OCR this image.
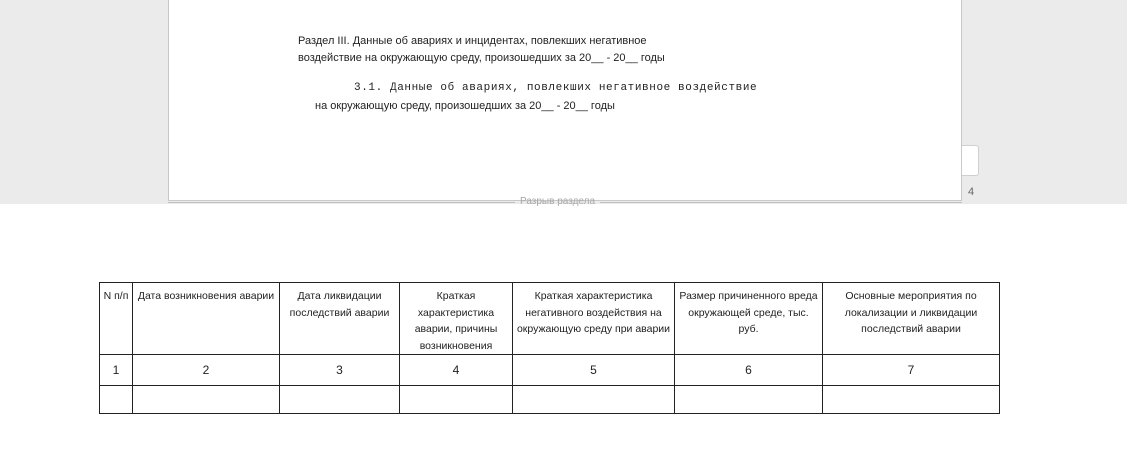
4
Раздел III. Данные об авариях и инцидентах, повлекших негативное
воздействие на окружающую среду, произошедших за 20__ - 20__ годы
3.1. Данные об авариях, повлекших негативное воздействие
на окружающую среду, произошедших за 20__ - 20__ годы
Разрыв раздела
N п/п	Дата возникновения аварии	Дата ликвидации последствий аварии	Краткая характеристика аварии, причины возникновения	Краткая характеристика негативного воздействия на окружающую среду при аварии	Размер причиненного вреда окружающей среде, тыс. руб.	Основные мероприятия по локализации и ликвидации последствий аварии
1	2	3	4	5	6	7
